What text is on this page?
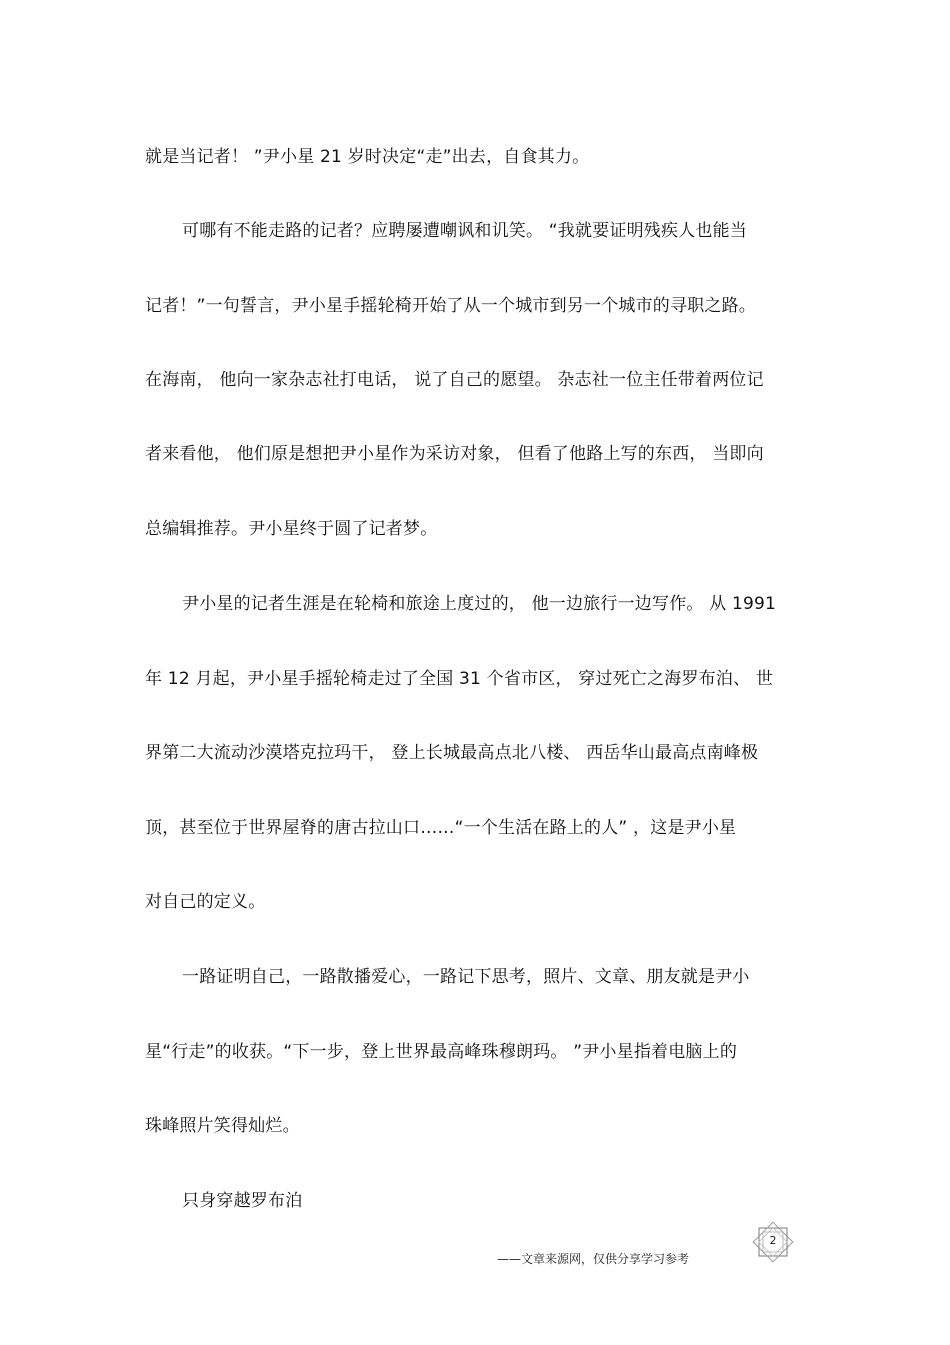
就是当记者！ ”尹小星 21 岁时决定“走”出去，自食其力。
可哪有不能走路的记者？应聘屡遭嘲讽和讥笑。 “我就要证明残疾人也能当
记者！”一句誓言，尹小星手摇轮椅开始了从一个城市到另一个城市的寻职之路。
在海南， 他向一家杂志社打电话， 说了自己的愿望。 杂志社一位主任带着两位记
者来看他， 他们原是想把尹小星作为采访对象， 但看了他路上写的东西， 当即向
总编辑推荐。尹小星终于圆了记者梦。
尹小星的记者生涯是在轮椅和旅途上度过的， 他一边旅行一边写作。 从 1991
年 12 月起，尹小星手摇轮椅走过了全国 31 个省市区， 穿过死亡之海罗布泊、 世
界第二大流动沙漠塔克拉玛干， 登上长城最高点北八楼、 西岳华山最高点南峰极
顶，甚至位于世界屋脊的唐古拉山口……“一个生活在路上的人” ，这是尹小星
对自己的定义。
一路证明自己，一路散播爱心，一路记下思考，照片、文章、朋友就是尹小
星“行走”的收获。“下一步，登上世界最高峰珠穆朗玛。 ”尹小星指着电脑上的
珠峰照片笑得灿烂。
只身穿越罗布泊
——文章来源网，仅供分享学习参考
2
